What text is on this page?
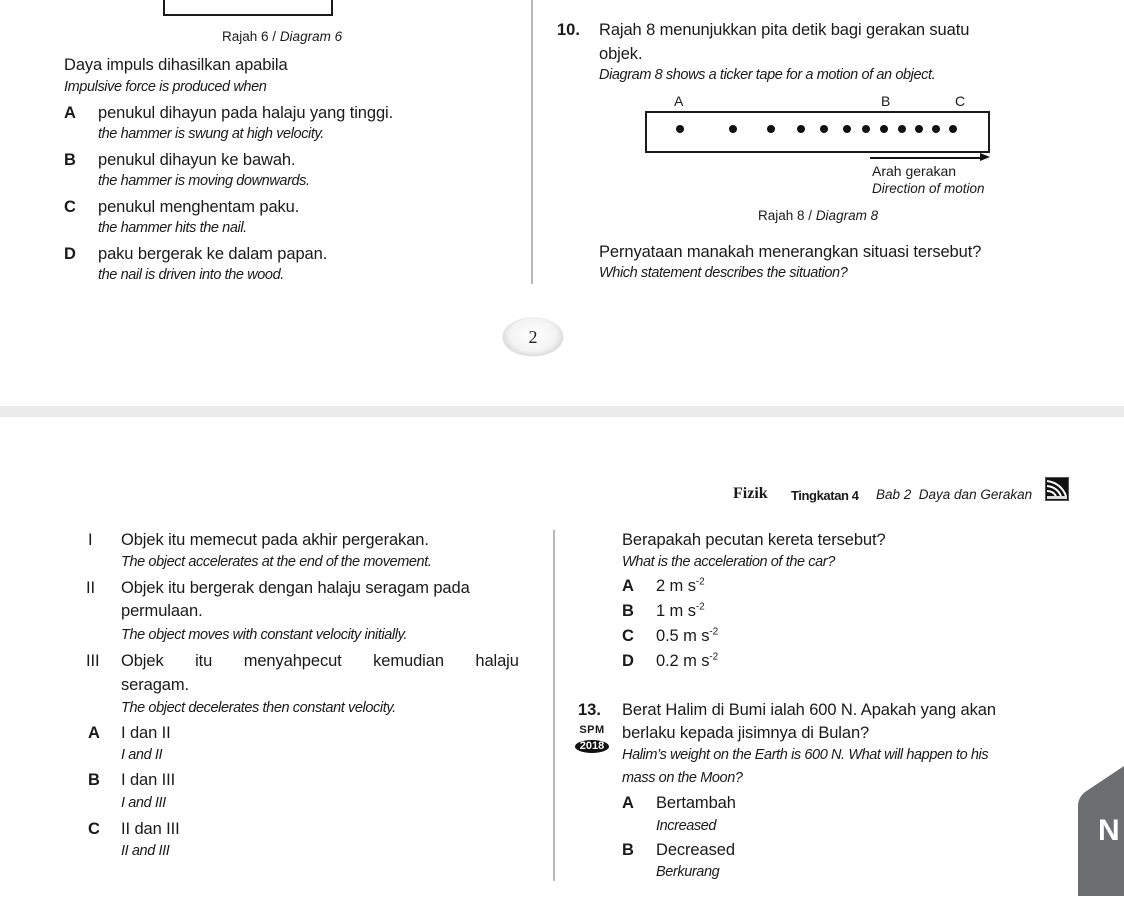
Rajah 6 / Diagram 6
Daya impuls dihasilkan apabila
Impulsive force is produced when
A penukul dihayun pada halaju yang tinggi.
the hammer is swung at high velocity.
B penukul dihayun ke bawah.
the hammer is moving downwards.
C penukul menghentam paku.
the hammer hits the nail.
D paku bergerak ke dalam papan.
the nail is driven into the wood.
10. Rajah 8 menunjukkan pita detik bagi gerakan suatu
objek.
Diagram 8 shows a ticker tape for a motion of an object.
A	B	C
Arah gerakan
Direction of motion
Rajah 8 / Diagram 8
Pernyataan manakah menerangkan situasi tersebut?
Which statement describes the situation?
2
Fizik Tingkatan 4 Bab 2  Daya dan Gerakan
I Objek itu memecut pada akhir pergerakan.
The object accelerates at the end of the movement.
II Objek itu bergerak dengan halaju seragam pada
permulaan.
The object moves with constant velocity initially.
III Objek itu menyahpecut kemudian halaju
seragam.
The object decelerates then constant velocity.
A I dan II
I and II
B I dan III
I and III
C II dan III
II and III
Berapakah pecutan kereta tersebut?
What is the acceleration of the car?
A 2 m $s^{-2}$
B 1 m $s^{-2}$
C 0.5 m $s^{-2}$
D 0.2 m $s^{-2}$
13.
SPM
2018
Berat Halim di Bumi ialah 600 N. Apakah yang akan
berlaku kepada jisimnya di Bulan?
Halim’s weight on the Earth is 600 N. What will happen to his
mass on the Moon?
A Bertambah
Increased
B Decreased
Berkurang
N
